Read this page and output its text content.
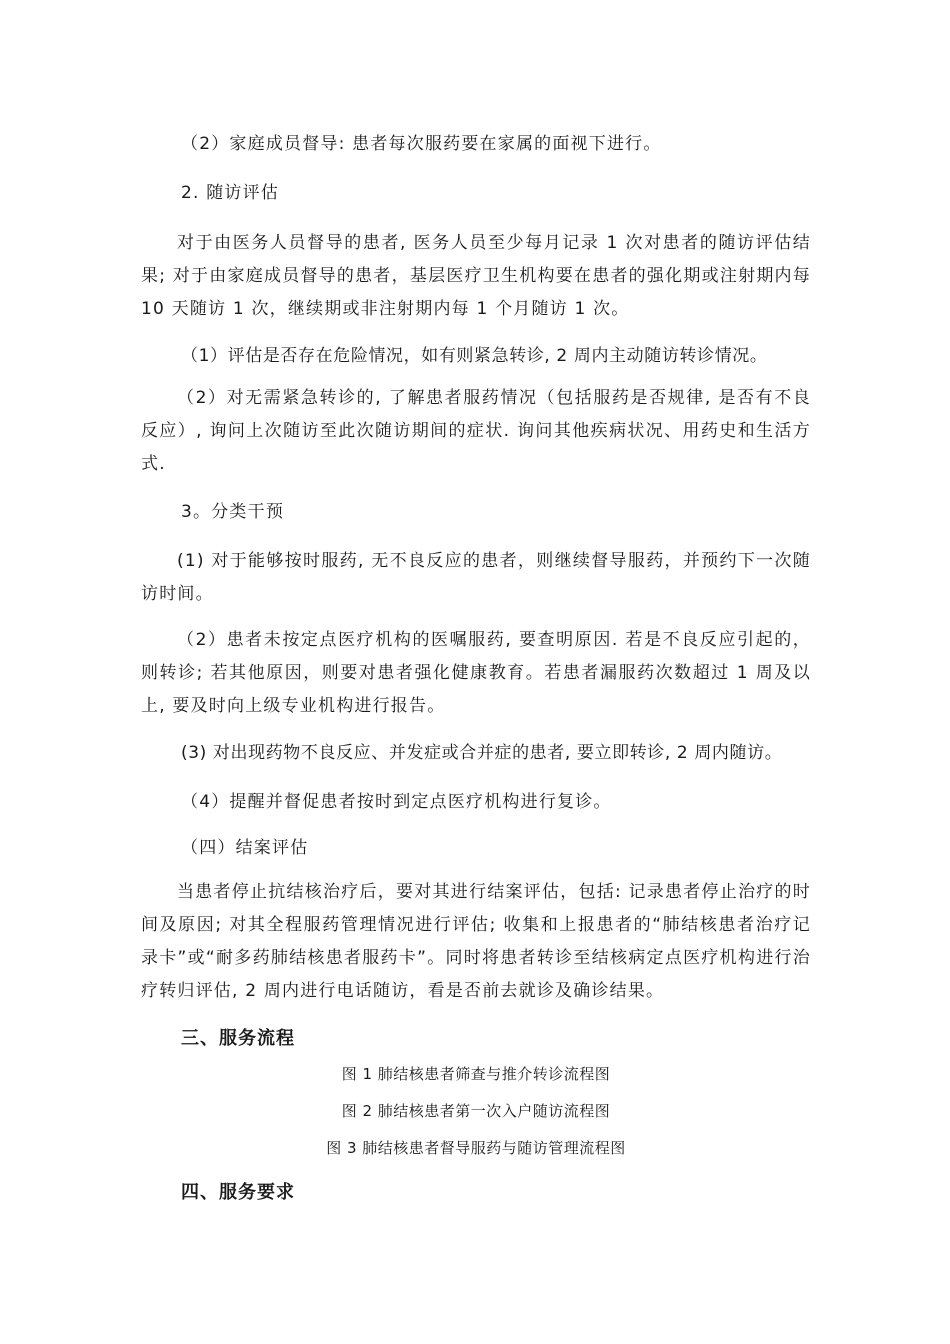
（2）家庭成员督导: 患者每次服药要在家属的面视下进行。

2. 随访评估

对于由医务人员督导的患者, 医务人员至少每月记录 1 次对患者的随访评估结果; 对于由家庭成员督导的患者，基层医疗卫生机构要在患者的强化期或注射期内每 10 天随访 1 次，继续期或非注射期内每 1 个月随访 1 次。

（1）评估是否存在危险情况，如有则紧急转诊, 2 周内主动随访转诊情况。

（2）对无需紧急转诊的, 了解患者服药情况（包括服药是否规律, 是否有不良反应）, 询问上次随访至此次随访期间的症状. 询问其他疾病状况、用药史和生活方式.

3。分类干预

(1) 对于能够按时服药, 无不良反应的患者，则继续督导服药，并预约下一次随访时间。

（2）患者未按定点医疗机构的医嘱服药, 要查明原因. 若是不良反应引起的，则转诊; 若其他原因，则要对患者强化健康教育。若患者漏服药次数超过 1 周及以上, 要及时向上级专业机构进行报告。

(3) 对出现药物不良反应、并发症或合并症的患者, 要立即转诊, 2 周内随访。

（4）提醒并督促患者按时到定点医疗机构进行复诊。

（四）结案评估

当患者停止抗结核治疗后，要对其进行结案评估，包括: 记录患者停止治疗的时间及原因; 对其全程服药管理情况进行评估; 收集和上报患者的“肺结核患者治疗记录卡”或“耐多药肺结核患者服药卡”。同时将患者转诊至结核病定点医疗机构进行治疗转归评估, 2 周内进行电话随访，看是否前去就诊及确诊结果。

三、服务流程

图 1 肺结核患者筛查与推介转诊流程图

图 2 肺结核患者第一次入户随访流程图

图 3 肺结核患者督导服药与随访管理流程图

四、服务要求
